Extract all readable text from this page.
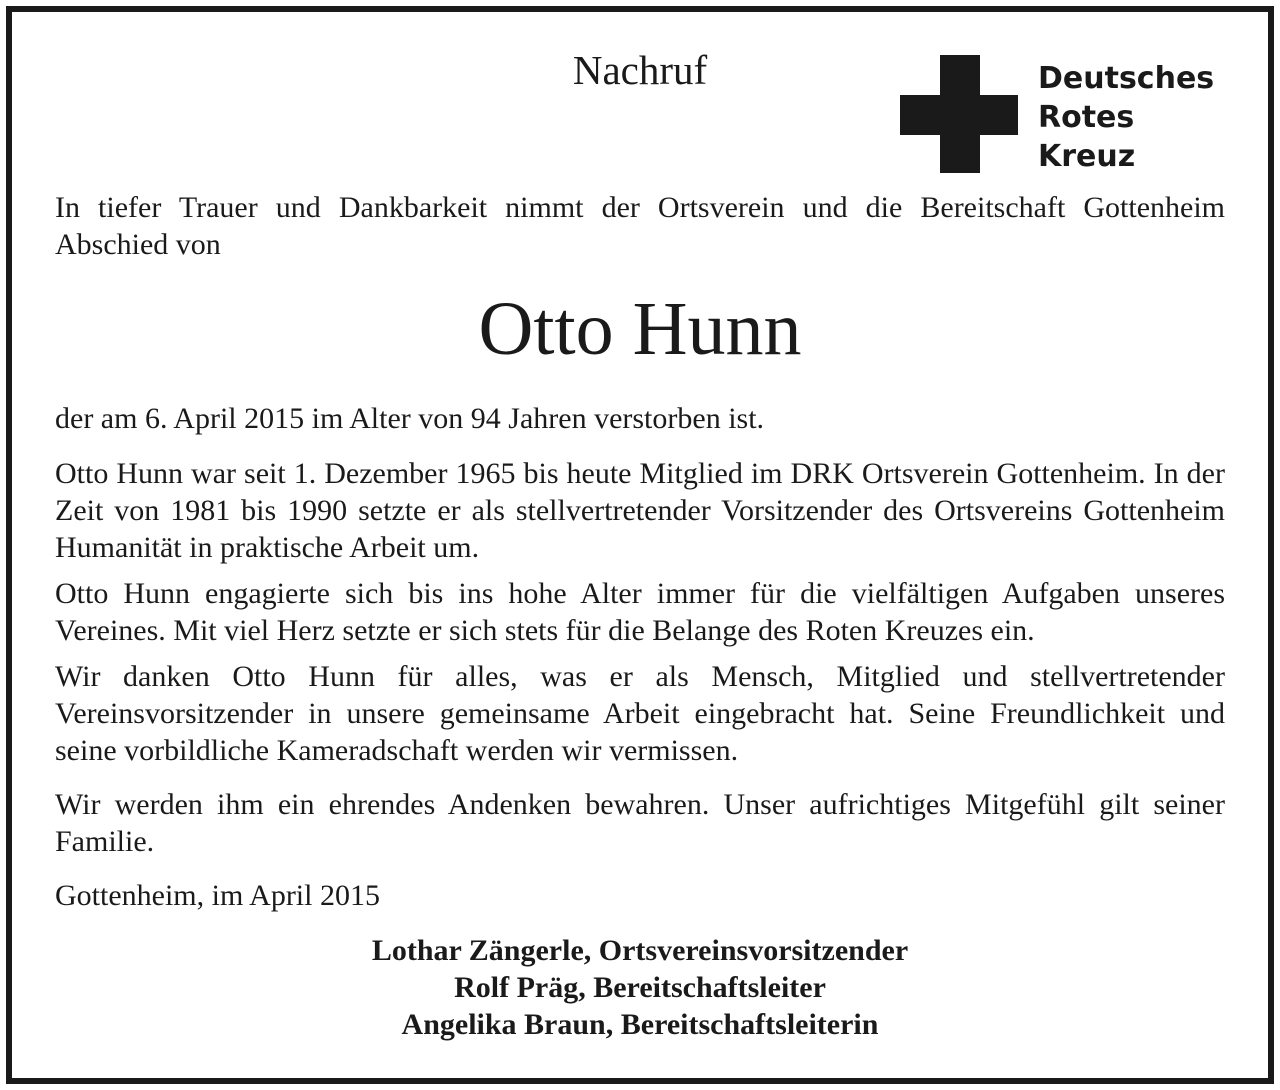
Nachruf	Deutsches
Rotes
Kreuz

In tiefer Trauer und Dankbarkeit nimmt der Ortsverein und die Bereitschaft Gottenheim Abschied von

Otto Hunn

der am 6. April 2015 im Alter von 94 Jahren verstorben ist.

Otto Hunn war seit 1. Dezember 1965 bis heute Mitglied im DRK Ortsverein Gottenheim. In der Zeit von 1981 bis 1990 setzte er als stellvertretender Vorsitzender des Ortsvereins Gottenheim Humanität in praktische Arbeit um.

Otto Hunn engagierte sich bis ins hohe Alter immer für die vielfältigen Aufgaben unseres Vereines. Mit viel Herz setzte er sich stets für die Belange des Roten Kreuzes ein.

Wir danken Otto Hunn für alles, was er als Mensch, Mitglied und stellvertretender Vereinsvorsitzender in unsere gemeinsame Arbeit eingebracht hat. Seine Freundlichkeit und seine vorbildliche Kameradschaft werden wir vermissen.

Wir werden ihm ein ehrendes Andenken bewahren. Unser aufrichtiges Mitgefühl gilt seiner Familie.

Gottenheim, im April 2015

Lothar Zängerle, Ortsvereinsvorsitzender
Rolf Präg, Bereitschaftsleiter
Angelika Braun, Bereitschaftsleiterin
